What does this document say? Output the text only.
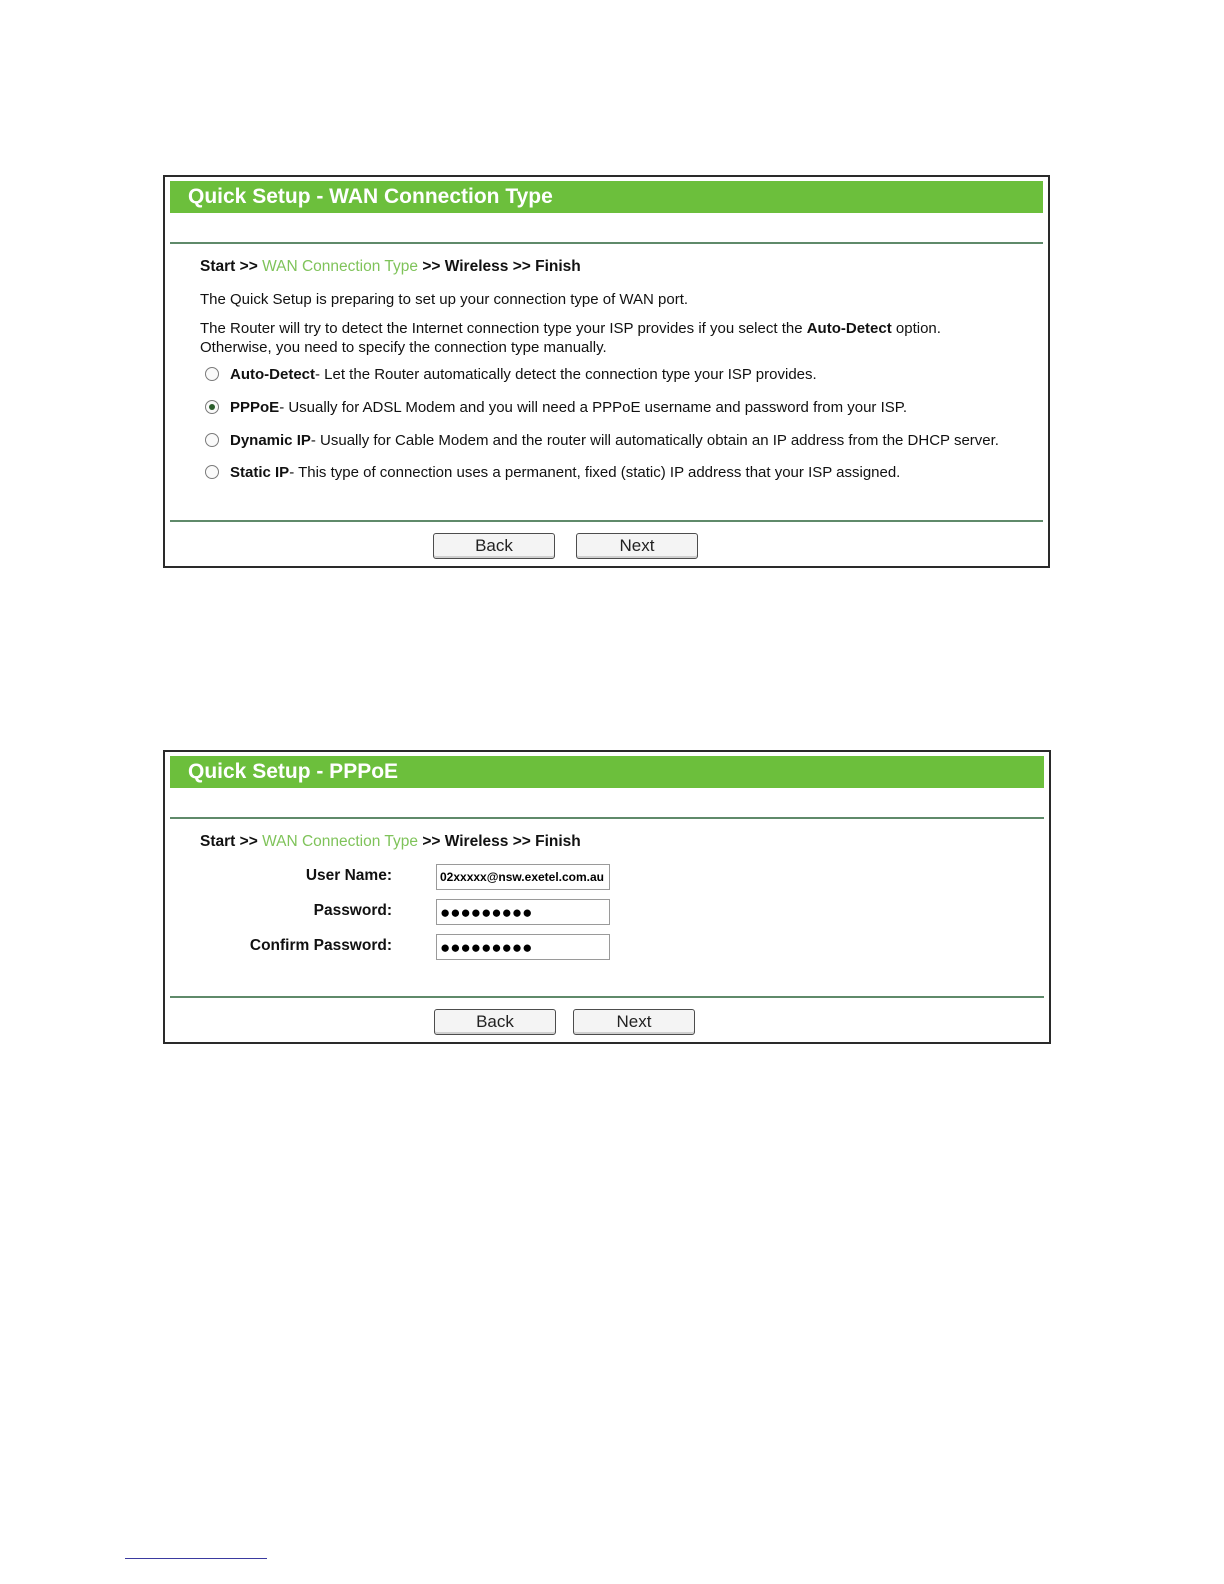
Quick Setup - WAN Connection Type
Start >> WAN Connection Type >> Wireless >> Finish
The Quick Setup is preparing to set up your connection type of WAN port.
The Router will try to detect the Internet connection type your ISP provides if you select the Auto-Detect option.
Otherwise, you need to specify the connection type manually.
Auto-Detect - Let the Router automatically detect the connection type your ISP provides.
PPPoE - Usually for ADSL Modem and you will need a PPPoE username and password from your ISP.
Dynamic IP - Usually for Cable Modem and the router will automatically obtain an IP address from the DHCP server.
Static IP - This type of connection uses a permanent, fixed (static) IP address that your ISP assigned.
Back	Next
Quick Setup - PPPoE
Start >> WAN Connection Type >> Wireless >> Finish
User Name:	02xxxxx@nsw.exetel.com.au
Password:	●●●●●●●●●
Confirm Password:	●●●●●●●●●
Back	Next
